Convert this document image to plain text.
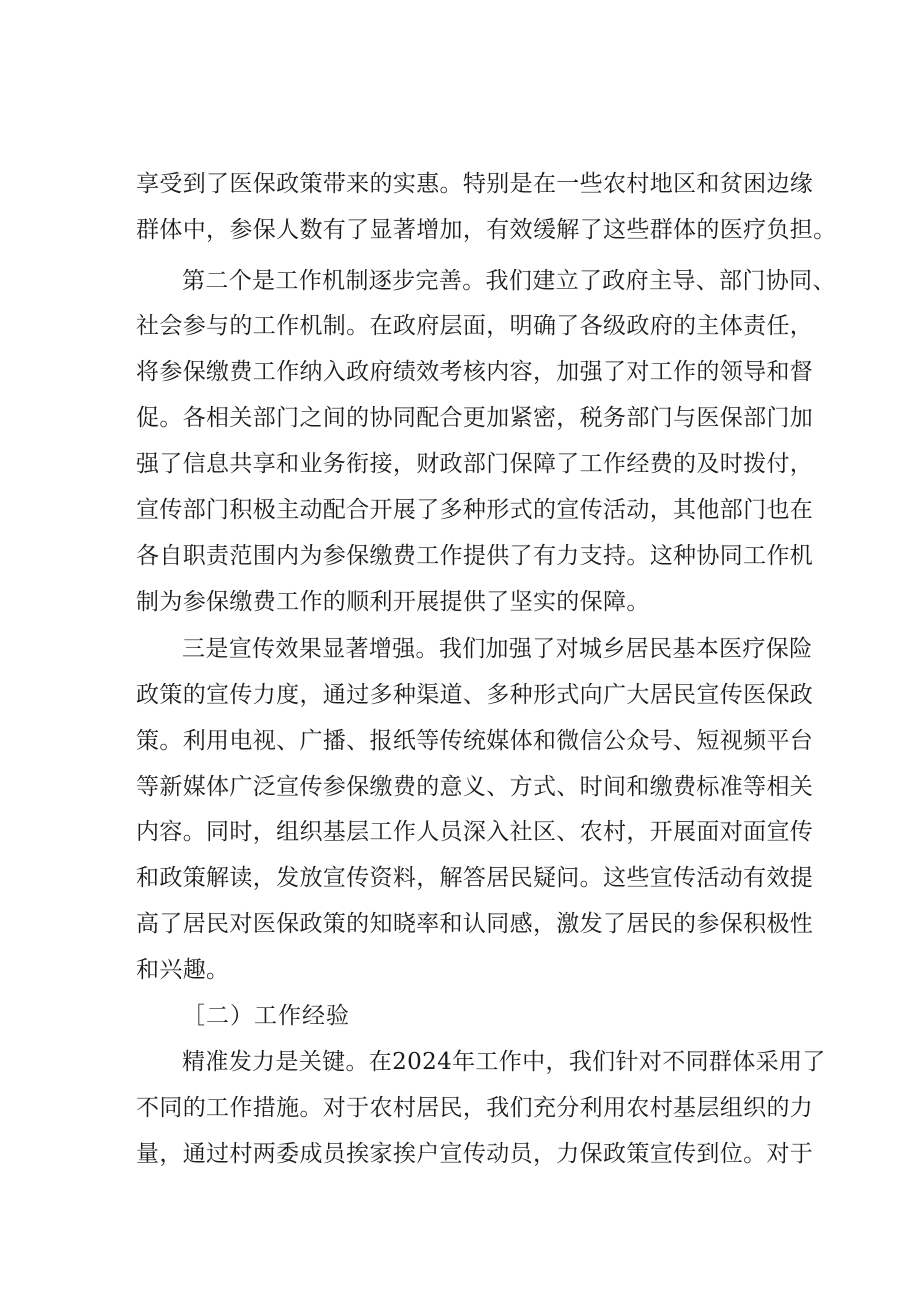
享受到了医保政策带来的实惠。特别是在一些农村地区和贫困边缘
群体中，参保人数有了显著增加，有效缓解了这些群体的医疗负担。
第二个是工作机制逐步完善。我们建立了政府主导、部门协同、
社会参与的工作机制。在政府层面，明确了各级政府的主体责任，
将参保缴费工作纳入政府绩效考核内容，加强了对工作的领导和督
促。各相关部门之间的协同配合更加紧密，税务部门与医保部门加
强了信息共享和业务衔接，财政部门保障了工作经费的及时拨付，
宣传部门积极主动配合开展了多种形式的宣传活动，其他部门也在
各自职责范围内为参保缴费工作提供了有力支持。这种协同工作机
制为参保缴费工作的顺利开展提供了坚实的保障。
三是宣传效果显著增强。我们加强了对城乡居民基本医疗保险
政策的宣传力度，通过多种渠道、多种形式向广大居民宣传医保政
策。利用电视、广播、报纸等传统媒体和微信公众号、短视频平台
等新媒体广泛宣传参保缴费的意义、方式、时间和缴费标准等相关
内容。同时，组织基层工作人员深入社区、农村，开展面对面宣传
和政策解读，发放宣传资料，解答居民疑问。这些宣传活动有效提
高了居民对医保政策的知晓率和认同感，激发了居民的参保积极性
和兴趣。
［二）工作经验
精准发力是关键。在2024年工作中，我们针对不同群体采用了
不同的工作措施。对于农村居民，我们充分利用农村基层组织的力
量，通过村两委成员挨家挨户宣传动员，力保政策宣传到位。对于
